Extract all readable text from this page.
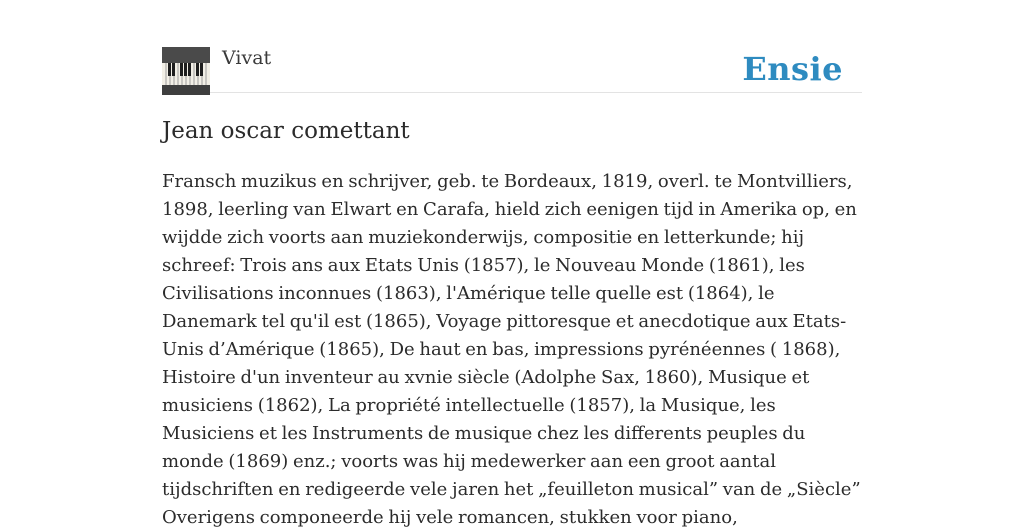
Vivat	Ensie
Jean oscar comettant

Fransch muzikus en schrijver, geb. te Bordeaux, 1819, overl. te Montvilliers, 1898, leerling van Elwart en Carafa, hield zich eenigen tijd in Amerika op, en wijdde zich voorts aan muziekonderwijs, compositie en letterkunde; hij schreef: Trois ans aux Etats Unis (1857), le Nouveau Monde (1861), les Civilisations inconnues (1863), l'Amérique telle quelle est (1864), le Danemark tel qu'il est (1865), Voyage pittoresque et anecdotique aux Etats-Unis d’Amérique (1865), De haut en bas, impressions pyrénéennes ( 1868), Histoire d'un inventeur au xvnie siècle (Adolphe Sax, 1860), Musique et musiciens (1862), La propriété intellectuelle (1857), la Musique, les Musiciens et les Instruments de musique chez les differents peuples du monde (1869) enz.; voorts was hij medewerker aan een groot aantal tijdschriften en redigeerde vele jaren het „feuilleton musical” van de „Siècle” Overigens componeerde hij vele romancen, stukken voor piano,
